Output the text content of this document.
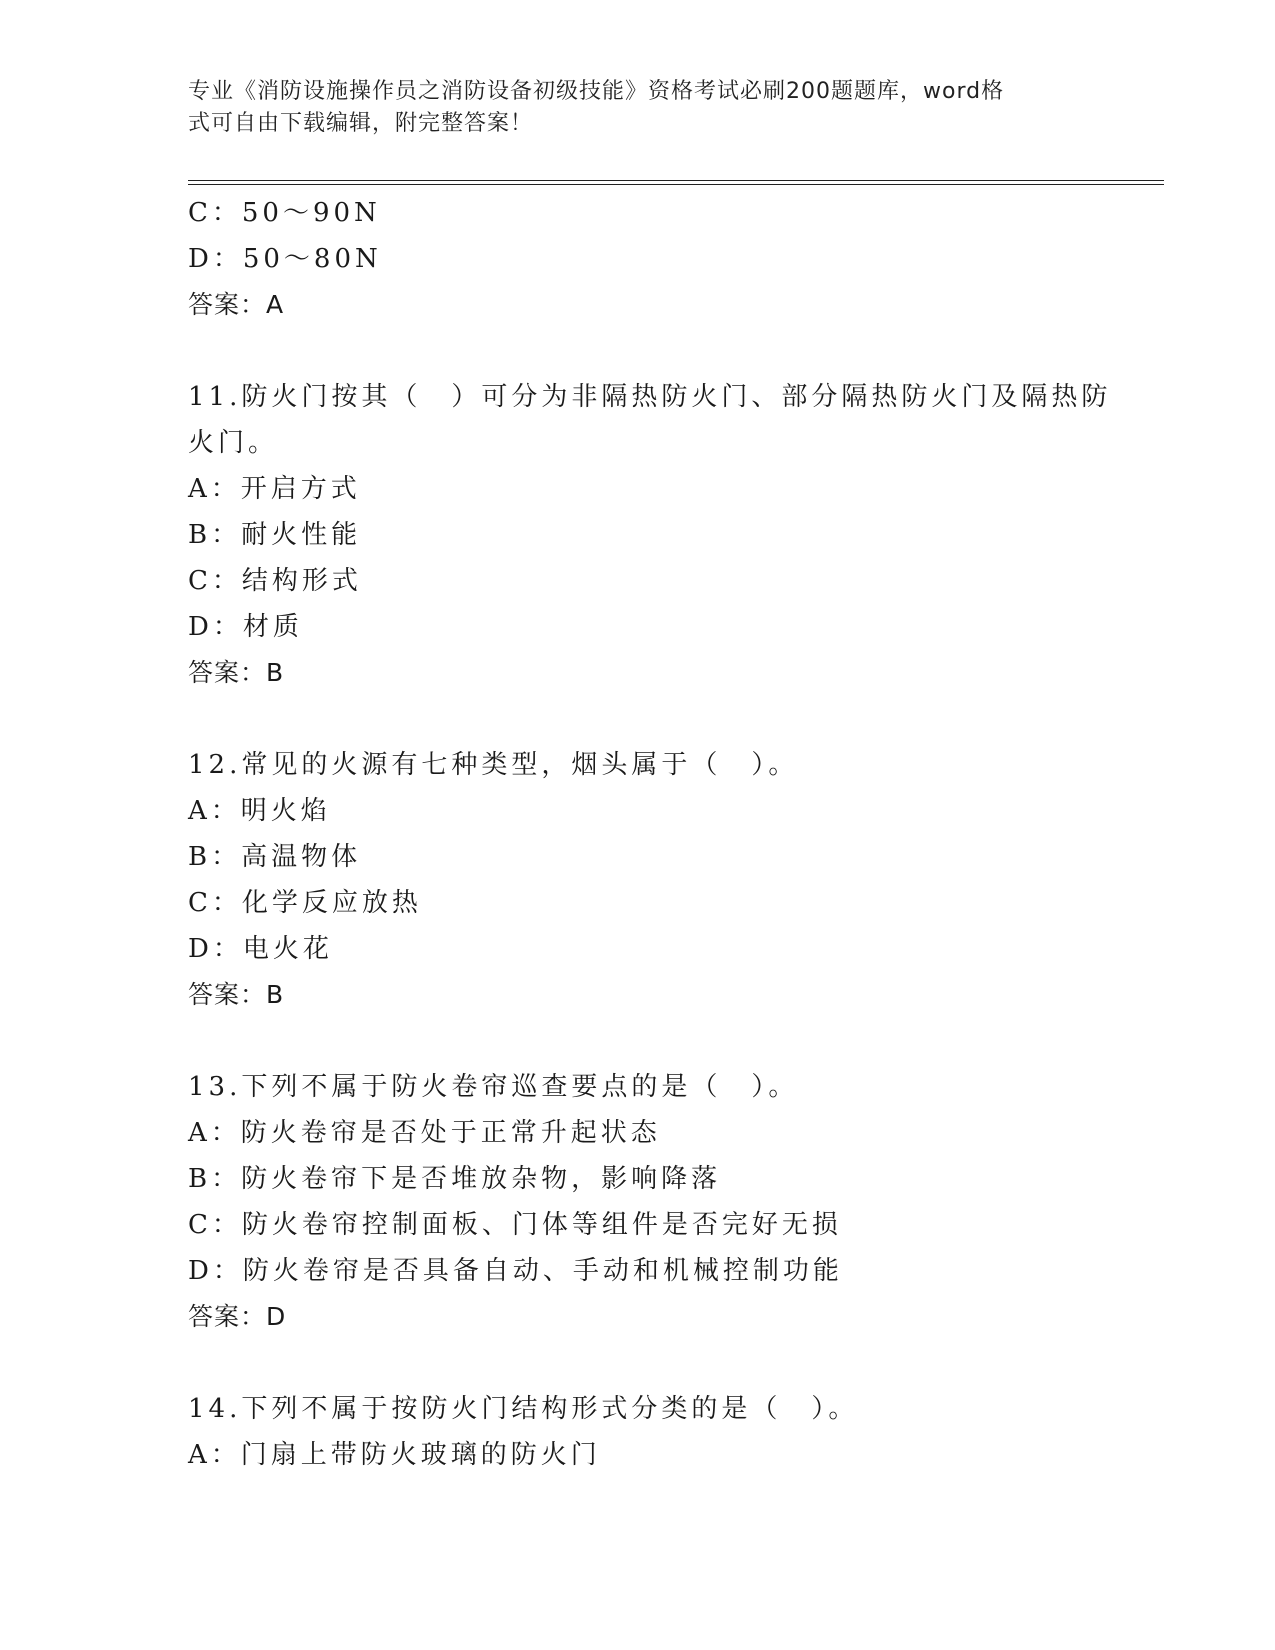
专业《消防设施操作员之消防设备初级技能》资格考试必刷200题题库，word格
式可自由下载编辑，附完整答案！
C：50～90N
D：50～80N
答案：A
11.防火门按其（　）可分为非隔热防火门、部分隔热防火门及隔热防
火门。
A：开启方式
B：耐火性能
C：结构形式
D：材质
答案：B
12.常见的火源有七种类型，烟头属于（　）。
A：明火焰
B：高温物体
C：化学反应放热
D：电火花
答案：B
13.下列不属于防火卷帘巡查要点的是（　）。
A：防火卷帘是否处于正常升起状态
B：防火卷帘下是否堆放杂物，影响降落
C：防火卷帘控制面板、门体等组件是否完好无损
D：防火卷帘是否具备自动、手动和机械控制功能
答案：D
14.下列不属于按防火门结构形式分类的是（　）。
A：门扇上带防火玻璃的防火门
